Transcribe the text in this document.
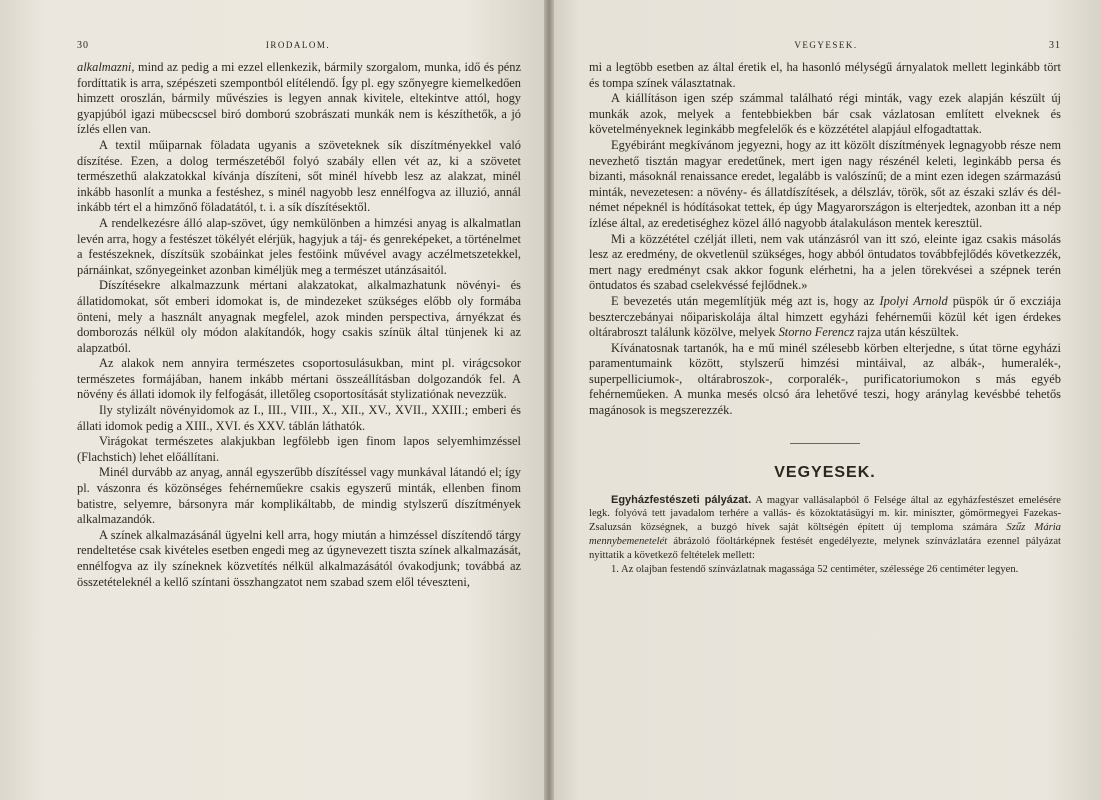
30	IRODALOM.

alkalmazni, mind az pedig a mi ezzel ellenkezik, bármily szorgalom, munka, idő és pénz fordíttatik is arra, szépészeti szempontból elítélendő. Így pl. egy szőnyegre kiemelkedően himzett oroszlán, bármily művészies is legyen annak kivitele, eltekintve attól, hogy gyapjúból igazi mübecscsel biró domború szobrászati munkák nem is készíthetők, a jó ízlés ellen van.

A textil műiparnak föladata ugyanis a szöveteknek sík díszítményekkel való díszítése. Ezen, a dolog természetéből folyó szabály ellen vét az, ki a szövetet természethű alakzatokkal kívánja díszíteni, sőt minél hívebb lesz az alakzat, minél inkább hasonlít a munka a festéshez, s minél nagyobb lesz ennélfogva az illuzió, annál inkább tért el a himzőnő föladatától, t. i. a sík díszítésektől.

A rendelkezésre álló alap-szövet, úgy nemkülönben a himzési anyag is alkalmatlan levén arra, hogy a festészet tökélyét elérjük, hagyjuk a táj- és genreképeket, a történelmet a festészeknek, díszítsük szobáinkat jeles festőink művével avagy aczélmetszetekkel, párnáinkat, szőnyegeinket azonban kiméljük meg a természet utánzásaitól.

Díszítésekre alkalmazzunk mértani alakzatokat, alkalmazhatunk növényi- és állatidomokat, sőt emberi idomokat is, de mindezeket szükséges előbb oly formába önteni, mely a használt anyagnak megfelel, azok minden perspectiva, árnyékzat és domborozás nélkül oly módon alakítandók, hogy csakis színük által tünjenek ki az alapzatból.

Az alakok nem annyira természetes csoportosulásukban, mint pl. virágcsokor természetes formájában, hanem inkább mértani összeállításban dolgozandók fel. A növény és állati idomok ily felfogását, illetőleg csoportosítását stylizatiónak nevezzük.

Ily stylizált növényidomok az I., III., VIII., X., XII., XV., XVII., XXIII.; emberi és állati idomok pedig a XIII., XVI. és XXV. táblán láthatók.

Virágokat természetes alakjukban legfölebb igen finom lapos selyemhimzéssel (Flachstich) lehet előállítani.

Minél durvább az anyag, annál egyszerűbb díszítéssel vagy munkával látandó el; így pl. vászonra és közönséges fehérneműekre csakis egyszerű minták, ellenben finom batistre, selyemre, bársonyra már komplikáltabb, de mindig stylszerű díszítmények alkalmazandók.

A színek alkalmazásánál ügyelni kell arra, hogy miután a himzéssel díszítendő tárgy rendeltetése csak kivételes esetben engedi meg az úgynevezett tiszta színek alkalmazását, ennélfogva az ily színeknek közvetítés nélkül alkalmazásától óvakodjunk; továbbá az összetételeknél a kellő színtani összhangzatot nem szabad szem elől téveszteni,

VEGYESEK.	31

mi a legtöbb esetben az által éretik el, ha hasonló mélységű árnyalatok mellett leginkább tört és tompa színek választatnak.

A kiállításon igen szép számmal található régi minták, vagy ezek alapján készült új munkák azok, melyek a fentebbiekben bár csak vázlatosan említett elveknek és követelményeknek leginkább megfelelők és e közzététel alapjául elfogadtattak.

Egyébiránt megkívánom jegyezni, hogy az itt közölt díszítmények legnagyobb része nem nevezhető tisztán magyar eredetűnek, mert igen nagy részénél keleti, leginkább persa és bizanti, másoknál renaissance eredet, legalább is valószínű; de a mint ezen idegen származású minták, nevezetesen: a növény- és állatdíszítések, a délszláv, török, sőt az északi szláv és dél-német népeknél is hódításokat tettek, ép úgy Magyarországon is elterjedtek, azonban itt a nép ízlése által, az eredetiséghez közel álló nagyobb átalakuláson mentek keresztül.

Mi a közzététel czélját illeti, nem vak utánzásról van itt szó, eleinte igaz csakis másolás lesz az eredmény, de okvetlenül szükséges, hogy abból öntudatos továbbfejlődés következzék, mert nagy eredményt csak akkor fogunk elérhetni, ha a jelen törekvései a szépnek terén öntudatos és szabad cselekvéssé fejlődnek.»

E bevezetés után megemlítjük még azt is, hogy az Ipolyi Arnold püspök úr ő excziája beszterczebányai nőipariskolája által himzett egyházi fehérneműi közül két igen érdekes oltárabroszt találunk közölve, melyek Storno Ferencz rajza után készültek.

Kívánatosnak tartanók, ha e mű minél szélesebb körben elterjedne, s útat törne egyházi paramentumaink között, stylszerű himzési mintáival, az albák-, humeralék-, superpelliciumok-, oltárabroszok-, corporalék-, purificatoriumokon s más egyéb fehérneműeken. A munka mesés olcsó ára lehetővé teszi, hogy aránylag kevésbbé tehetős magánosok is megszerezzék.

VEGYESEK.

Egyházfestészeti pályázat. A magyar vallásalapból ő Felsége által az egyházfestészet emelésére legk. folyóvá tett javadalom terhére a vallás- és közoktatásügyi m. kir. miniszter, gömörmegyei Fazekas-Zsaluzsán községnek, a buzgó hívek saját költségén épített új temploma számára Szűz Mária mennybemenetelét ábrázoló főoltárképnek festését engedélyezte, melynek színvázlatára ezennel pályázat nyittatik a következő feltételek mellett:

1. Az olajban festendő színvázlatnak magassága 52 centiméter, szélessége 26 centiméter legyen.
